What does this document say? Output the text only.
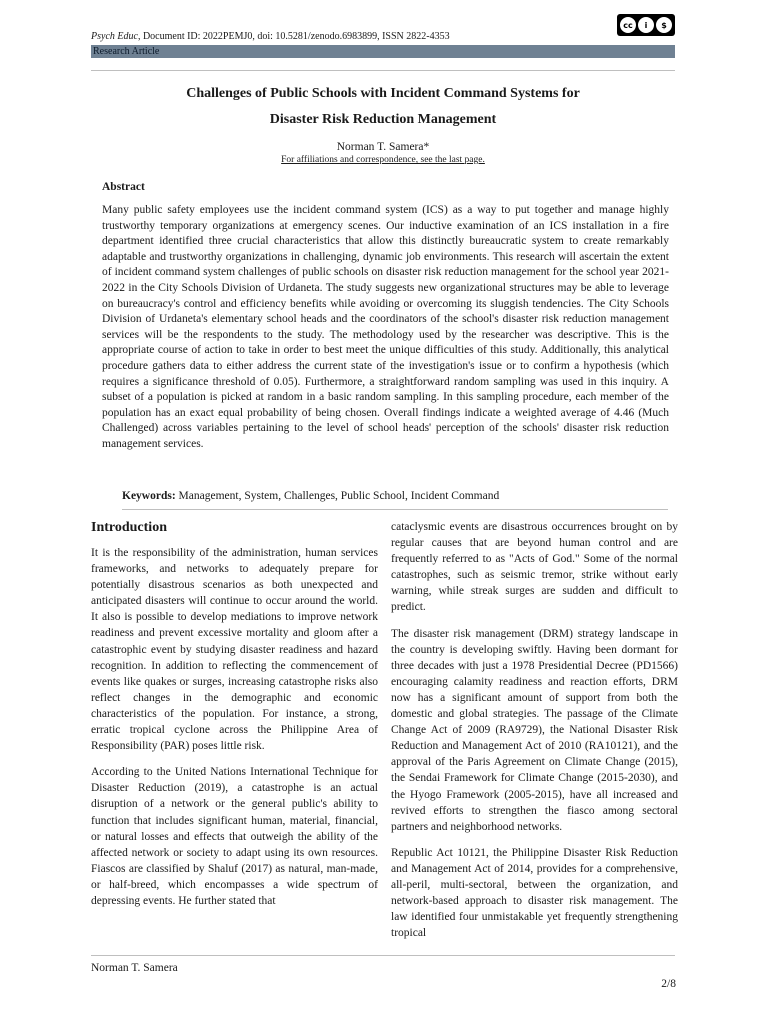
Psych Educ, Document ID: 2022PEMJ0, doi: 10.5281/zenodo.6983899, ISSN 2822-4353
cc	i	$
Research Article
Challenges of Public Schools with Incident Command Systems for
Disaster Risk Reduction Management
Norman T. Samera*
For affiliations and correspondence, see the last page.
Abstract
Many public safety employees use the incident command system (ICS) as a way to put together and manage highly trustworthy temporary organizations at emergency scenes. Our inductive examination of an ICS installation in a fire department identified three crucial characteristics that allow this distinctly bureaucratic system to create remarkably adaptable and trustworthy organizations in challenging, dynamic job environments. This research will ascertain the extent of incident command system challenges of public schools on disaster risk reduction management for the school year 2021-2022 in the City Schools Division of Urdaneta. The study suggests new organizational structures may be able to leverage on bureaucracy's control and efficiency benefits while avoiding or overcoming its sluggish tendencies. The City Schools Division of Urdaneta's elementary school heads and the coordinators of the school's disaster risk reduction management services will be the respondents to the study. The methodology used by the researcher was descriptive. This is the appropriate course of action to take in order to best meet the unique difficulties of this study. Additionally, this analytical procedure gathers data to either address the current state of the investigation's issue or to confirm a hypothesis (which requires a significance threshold of 0.05). Furthermore, a straightforward random sampling was used in this inquiry. A subset of a population is picked at random in a basic random sampling. In this sampling procedure, each member of the population has an exact equal probability of being chosen. Overall findings indicate a weighted average of 4.46 (Much Challenged) across variables pertaining to the level of school heads' perception of the schools' disaster risk reduction management services.
Keywords: Management, System, Challenges, Public School, Incident Command
Introduction

It is the responsibility of the administration, human services frameworks, and networks to adequately prepare for potentially disastrous scenarios as both unexpected and anticipated disasters will continue to occur around the world. It also is possible to develop mediations to improve network readiness and prevent excessive mortality and gloom after a catastrophic event by studying disaster readiness and hazard recognition. In addition to reflecting the commencement of events like quakes or surges, increasing catastrophe risks also reflect changes in the demographic and economic characteristics of the population. For instance, a strong, erratic tropical cyclone across the Philippine Area of Responsibility (PAR) poses little risk.

According to the United Nations International Technique for Disaster Reduction (2019), a catastrophe is an actual disruption of a network or the general public's ability to function that includes significant human, material, financial, or natural losses and effects that outweigh the ability of the affected network or society to adapt using its own resources. Fiascos are classified by Shaluf (2017) as natural, man-made, or half-breed, which encompasses a wide spectrum of depressing events. He further stated that

cataclysmic events are disastrous occurrences brought on by regular causes that are beyond human control and are frequently referred to as "Acts of God." Some of the normal catastrophes, such as seismic tremor, strike without early warning, while streak surges are sudden and difficult to predict.

The disaster risk management (DRM) strategy landscape in the country is developing swiftly. Having been dormant for three decades with just a 1978 Presidential Decree (PD1566) encouraging calamity readiness and reaction efforts, DRM now has a significant amount of support from both the domestic and global strategies. The passage of the Climate Change Act of 2009 (RA9729), the National Disaster Risk Reduction and Management Act of 2010 (RA10121), and the approval of the Paris Agreement on Climate Change (2015), the Sendai Framework for Climate Change (2015-2030), and the Hyogo Framework (2005-2015), have all increased and revived efforts to strengthen the fiasco among sectoral partners and neighborhood networks.

Republic Act 10121, the Philippine Disaster Risk Reduction and Management Act of 2014, provides for a comprehensive, all-peril, multi-sectoral, between the organization, and network-based approach to disaster risk management. The law identified four unmistakable yet frequently strengthening tropical

Norman T. Samera
2/8
